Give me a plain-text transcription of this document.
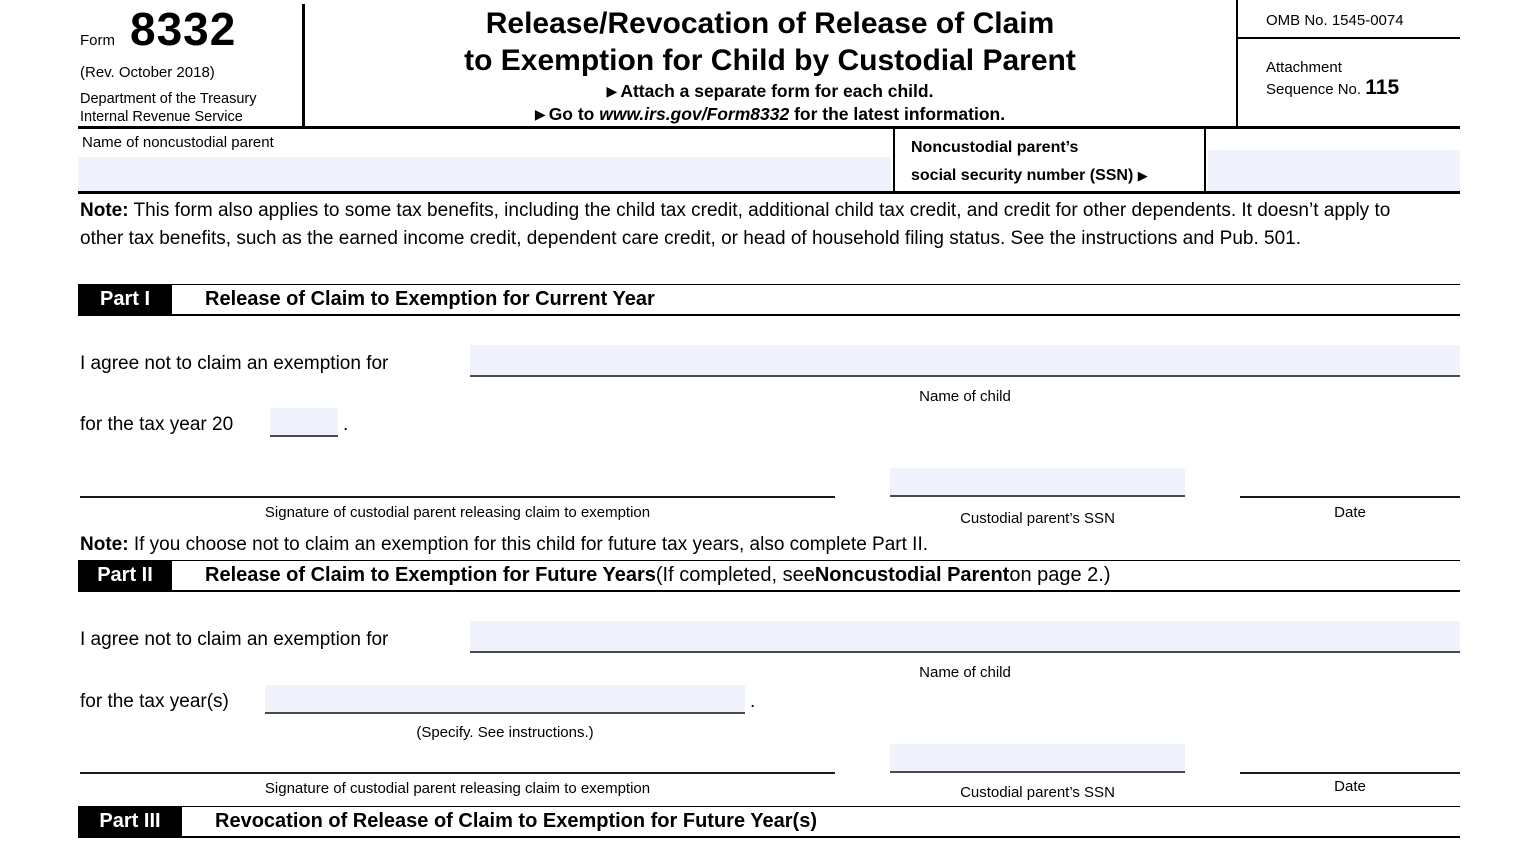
Form 8332
(Rev. October 2018)
Department of the Treasury
Internal Revenue Service
Release/Revocation of Release of Claim
to Exemption for Child by Custodial Parent
▶ Attach a separate form for each child.
▶ Go to www.irs.gov/Form8332 for the latest information.
OMB No. 1545-0074
Attachment
Sequence No. 115
Name of noncustodial parent	Noncustodial parent’s
social security number (SSN) ▶
Note: This form also applies to some tax benefits, including the child tax credit, additional child tax credit, and credit for other dependents. It doesn’t apply to other tax benefits, such as the earned income credit, dependent care credit, or head of household filing status. See the instructions and Pub. 501.
Part I	Release of Claim to Exemption for Current Year
I agree not to claim an exemption for
Name of child
for the tax year 20	.
Signature of custodial parent releasing claim to exemption	Custodial parent’s SSN	Date
Note: If you choose not to claim an exemption for this child for future tax years, also complete Part II.
Part II	Release of Claim to Exemption for Future Years (If completed, see Noncustodial Parent on page 2.)
I agree not to claim an exemption for
Name of child
for the tax year(s)	.
(Specify. See instructions.)
Signature of custodial parent releasing claim to exemption	Custodial parent’s SSN	Date
Part III	Revocation of Release of Claim to Exemption for Future Year(s)
